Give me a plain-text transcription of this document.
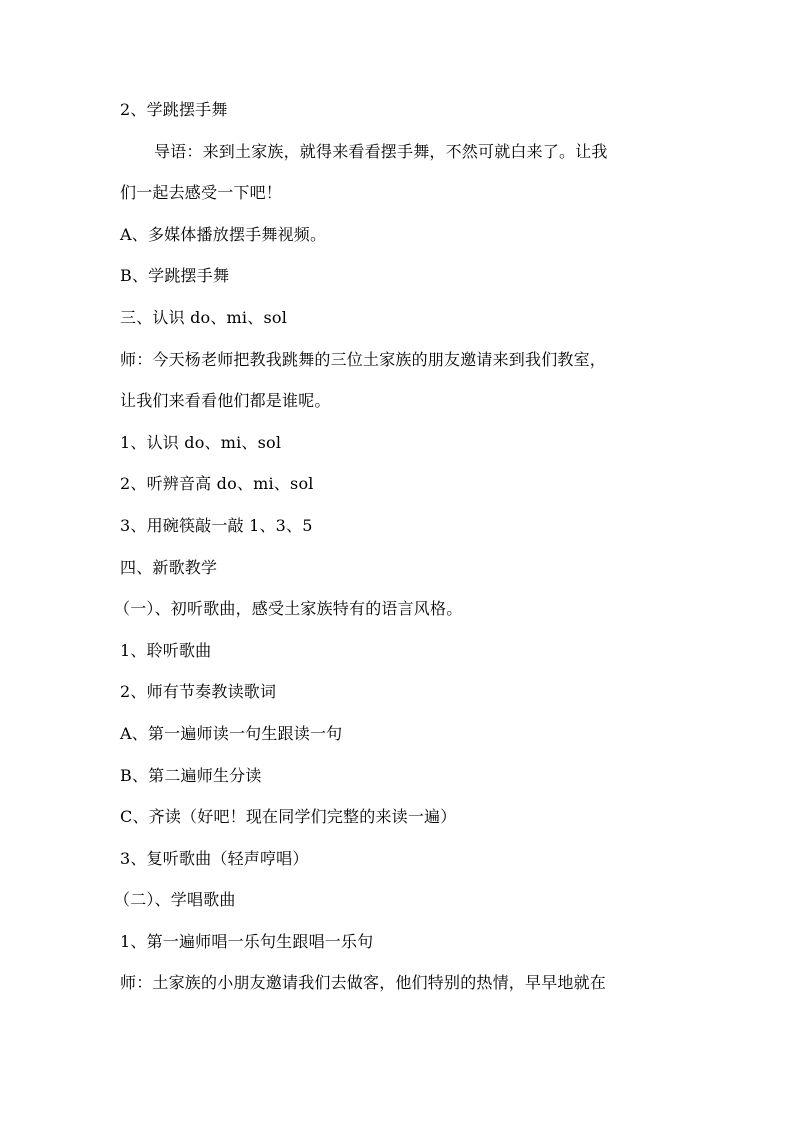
2、学跳摆手舞
导语：来到土家族，就得来看看摆手舞，不然可就白来了。让我
们一起去感受一下吧！
A、多媒体播放摆手舞视频。
B、学跳摆手舞
三、认识 do、mi、sol
师：今天杨老师把教我跳舞的三位土家族的朋友邀请来到我们教室，
让我们来看看他们都是谁呢。
1、认识 do、mi、sol
2、听辨音高 do、mi、sol
3、用碗筷敲一敲 1、3、5
四、新歌教学
（一）、初听歌曲，感受土家族特有的语言风格。
1、聆听歌曲
2、师有节奏教读歌词
A、第一遍师读一句生跟读一句
B、第二遍师生分读
C、齐读（好吧！现在同学们完整的来读一遍）
3、复听歌曲（轻声哼唱）
（二）、学唱歌曲
1、第一遍师唱一乐句生跟唱一乐句
师：土家族的小朋友邀请我们去做客，他们特别的热情，早早地就在
